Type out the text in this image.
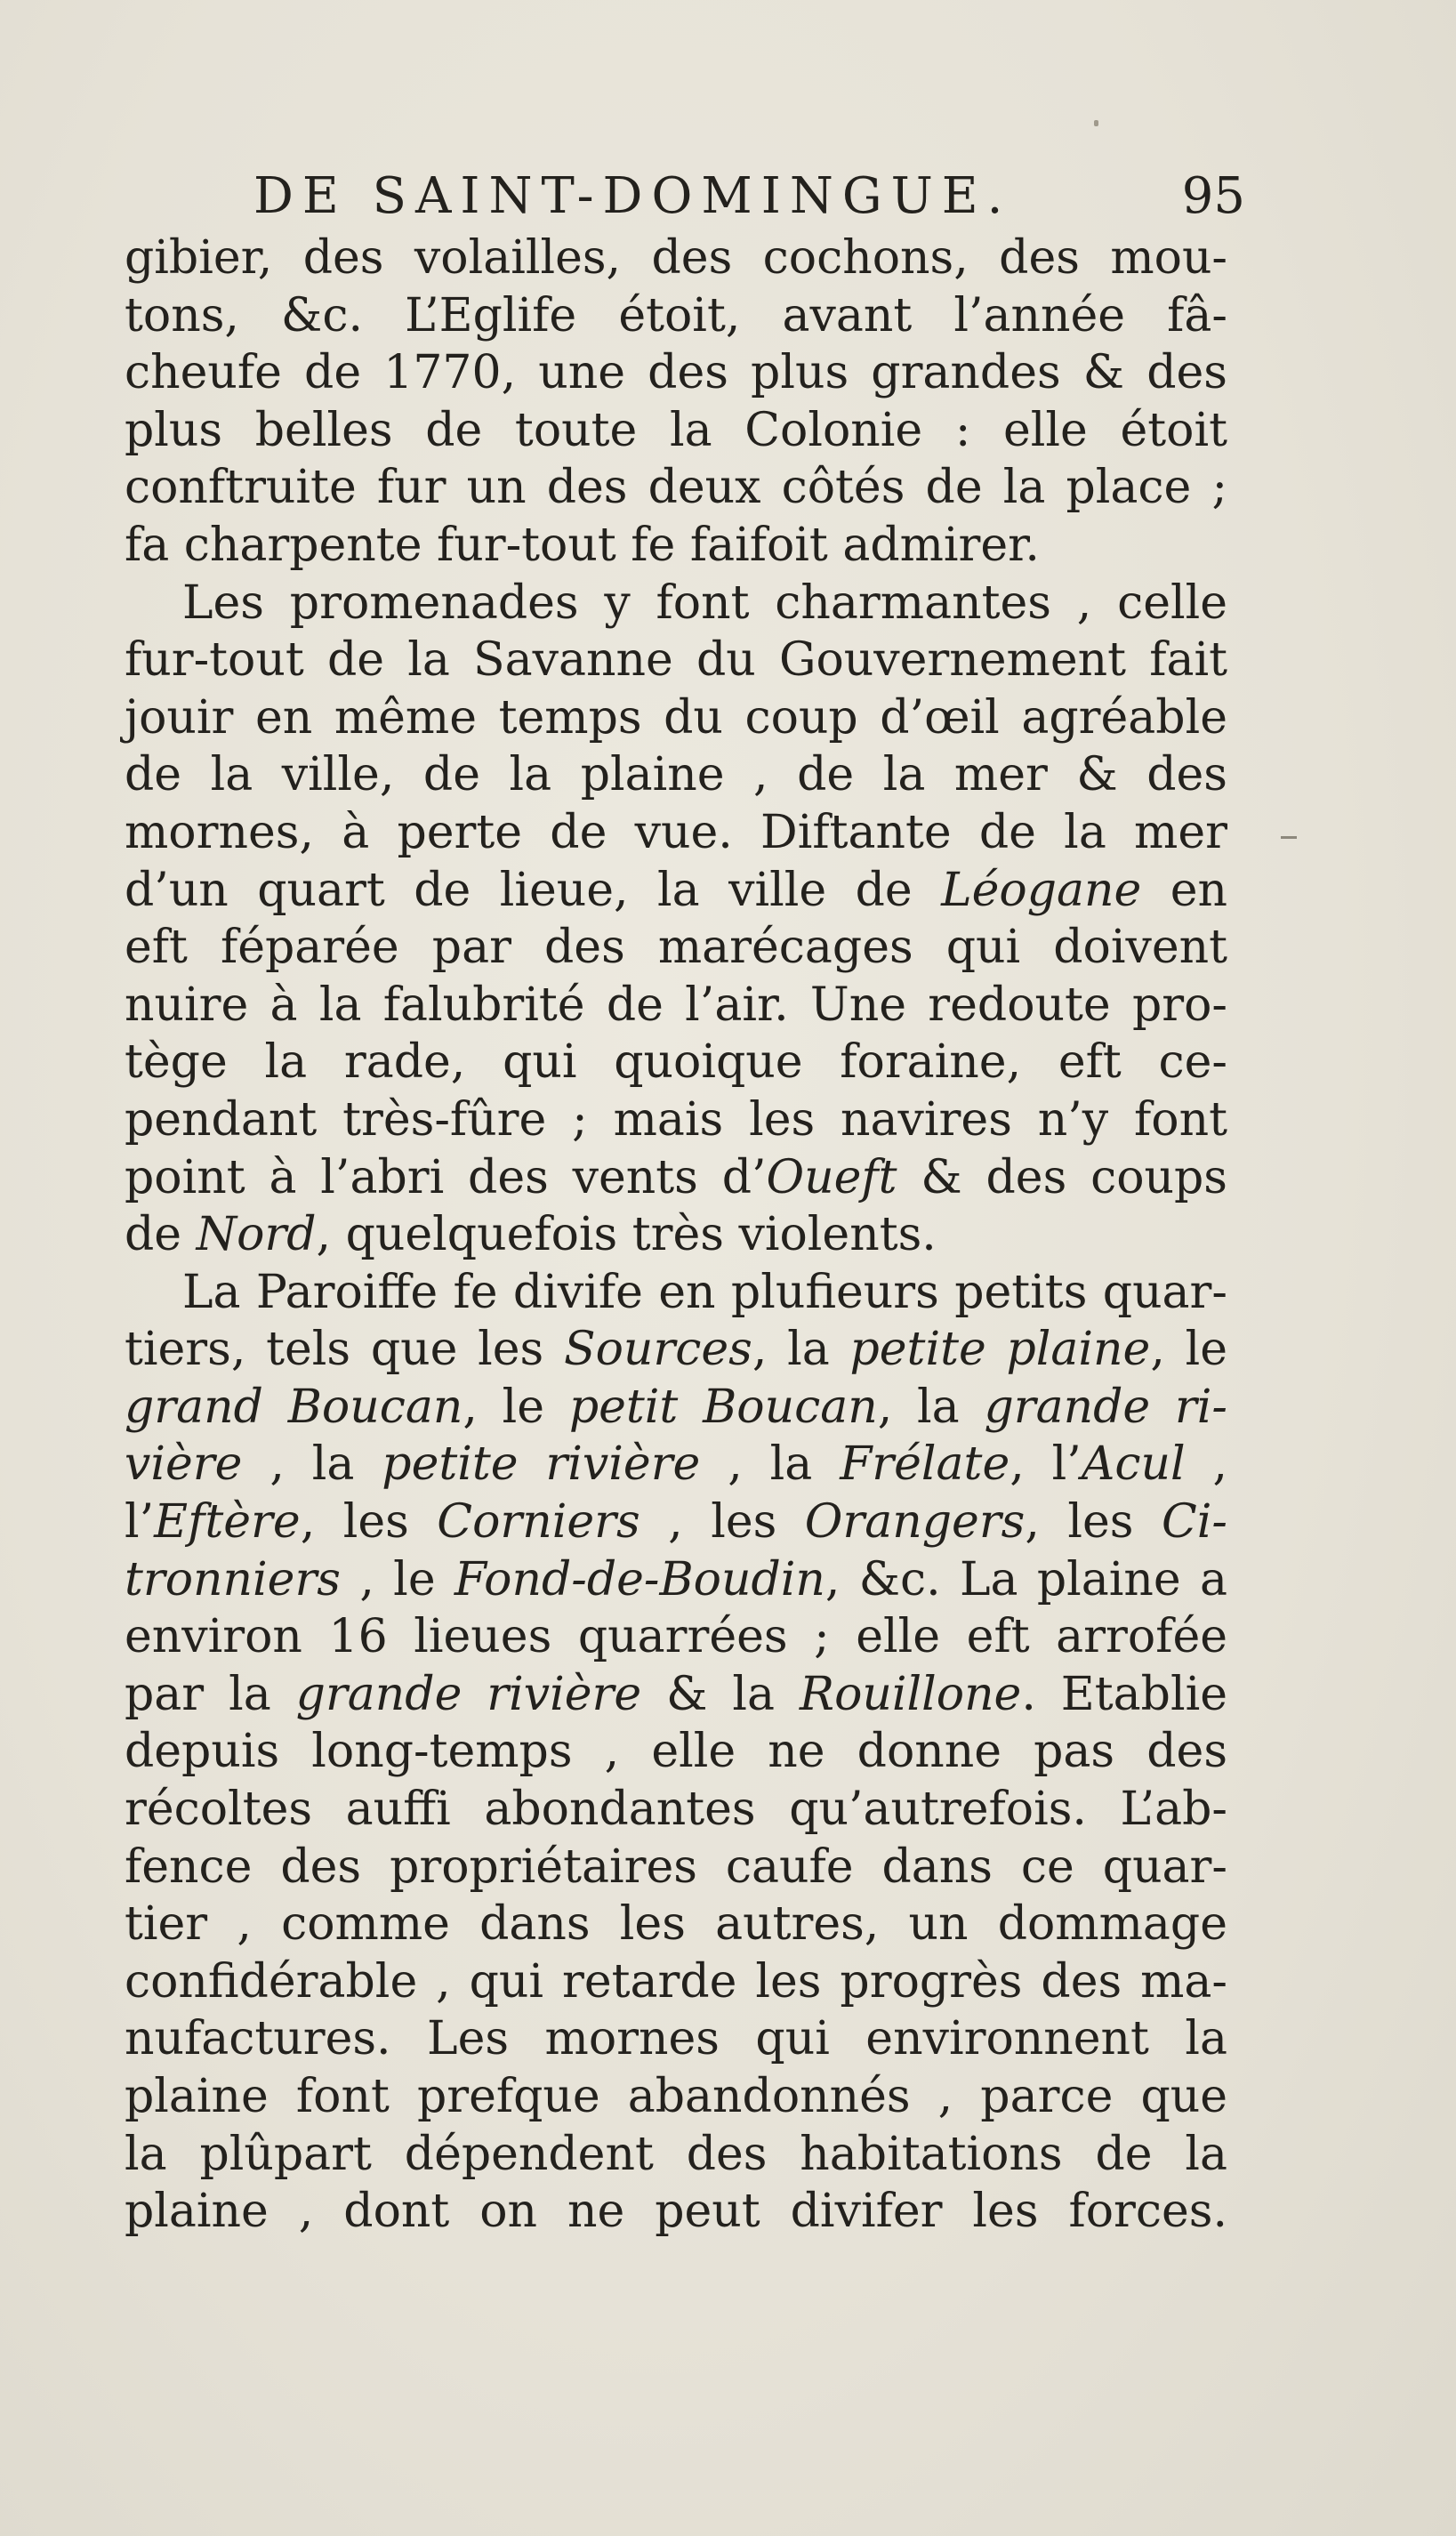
DE SAINT-DOMINGUE.	95
gibier, des volailles, des cochons, des mou-
tons, &c. L’Eglife étoit, avant l’année fâ-
cheufe de 1770, une des plus grandes & des
plus belles de toute la Colonie : elle étoit
conftruite fur un des deux côtés de la place ;
fa charpente fur-tout fe faifoit admirer.
Les promenades y font charmantes , celle
fur-tout de la Savanne du Gouvernement fait
jouir en même temps du coup d’œil agréable
de la ville, de la plaine , de la mer & des
mornes, à perte de vue. Diftante de la mer
d’un quart de lieue, la ville de Léogane en
eft féparée par des marécages qui doivent
nuire à la falubrité de l’air. Une redoute pro-
tège la rade, qui quoique foraine, eft ce-
pendant très-fûre ; mais les navires n’y font
point à l’abri des vents d’Oueft & des coups
de Nord, quelquefois très violents.
La Paroiffe fe divife en plufieurs petits quar-
tiers, tels que les Sources, la petite plaine, le
grand Boucan, le petit Boucan, la grande ri-
vière , la petite rivière , la Frélate, l’Acul ,
l’Eftère, les Corniers , les Orangers, les Ci-
tronniers , le Fond-de-Boudin, &c. La plaine a
environ 16 lieues quarrées ; elle eft arrofée
par la grande rivière & la Rouillone. Etablie
depuis long-temps , elle ne donne pas des
récoltes auffi abondantes qu’autrefois. L’ab-
fence des propriétaires caufe dans ce quar-
tier , comme dans les autres, un dommage
confidérable , qui retarde les progrès des ma-
nufactures. Les mornes qui environnent la
plaine font prefque abandonnés , parce que
la plûpart dépendent des habitations de la
plaine , dont on ne peut divifer les forces.
